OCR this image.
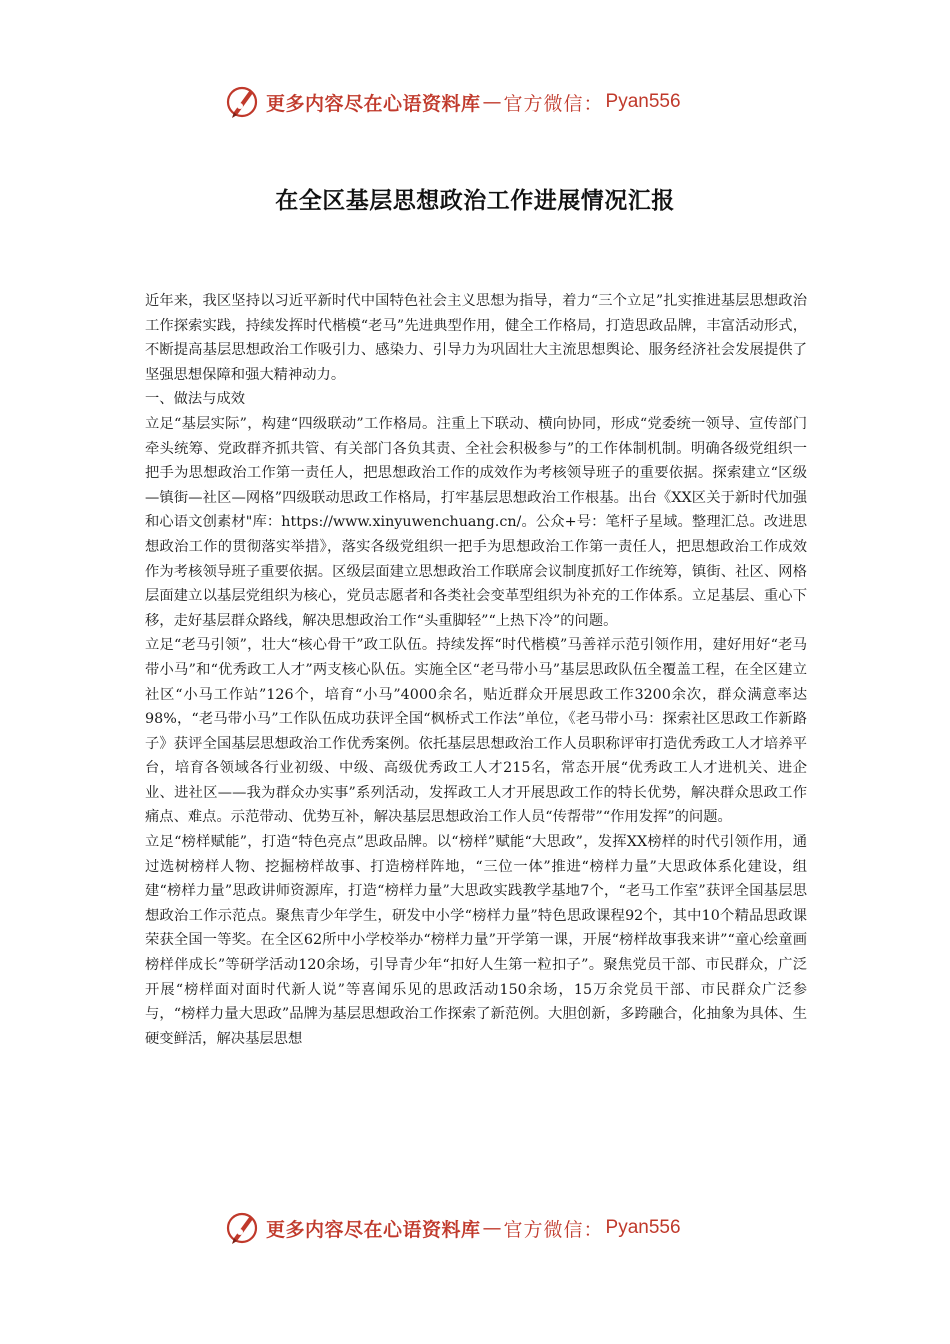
更多内容尽在心语资料库 — 官方微信： Pyan556
在全区基层思想政治工作进展情况汇报

近年来，我区坚持以习近平新时代中国特色社会主义思想为指导，着力“三个立足”扎实推进基层思想政治工作探索实践，持续发挥时代楷模“老马”先进典型作用，健全工作格局，打造思政品牌，丰富活动形式，不断提高基层思想政治工作吸引力、感染力、引导力为巩固壮大主流思想舆论、服务经济社会发展提供了坚强思想保障和强大精神动力。

一、做法与成效

立足“基层实际”，构建“四级联动”工作格局。注重上下联动、横向协同，形成“党委统一领导、宣传部门牵头统筹、党政群齐抓共管、有关部门各负其责、全社会积极参与”的工作体制机制。明确各级党组织一把手为思想政治工作第一责任人，把思想政治工作的成效作为考核领导班子的重要依据。探索建立“区级—镇街—社区—网格”四级联动思政工作格局，打牢基层思想政治工作根基。出台《XX区关于新时代加强和心语文创素材"库：https://www.xinyuwenchuang.cn/。公众+号：笔杆子星域。整理汇总。改进思想政治工作的贯彻落实举措》，落实各级党组织一把手为思想政治工作第一责任人，把思想政治工作成效作为考核领导班子重要依据。区级层面建立思想政治工作联席会议制度抓好工作统筹，镇街、社区、网格层面建立以基层党组织为核心，党员志愿者和各类社会变革型组织为补充的工作体系。立足基层、重心下移，走好基层群众路线，解决思想政治工作“头重脚轻”“上热下冷”的问题。

立足“老马引领”，壮大“核心骨干”政工队伍。持续发挥“时代楷模”马善祥示范引领作用，建好用好“老马带小马”和“优秀政工人才”两支核心队伍。实施全区“老马带小马”基层思政队伍全覆盖工程，在全区建立社区“小马工作站”126个，培育“小马”4000余名，贴近群众开展思政工作3200余次，群众满意率达98%，“老马带小马”工作队伍成功获评全国“枫桥式工作法”单位，《老马带小马：探索社区思政工作新路子》获评全国基层思想政治工作优秀案例。依托基层思想政治工作人员职称评审打造优秀政工人才培养平台，培育各领域各行业初级、中级、高级优秀政工人才215名，常态开展“优秀政工人才进机关、进企业、进社区——我为群众办实事”系列活动，发挥政工人才开展思政工作的特长优势，解决群众思政工作痛点、难点。示范带动、优势互补，解决基层思想政治工作人员“传帮带”“作用发挥”的问题。

立足“榜样赋能”，打造“特色亮点”思政品牌。以“榜样”赋能“大思政”，发挥XX榜样的时代引领作用，通过选树榜样人物、挖掘榜样故事、打造榜样阵地，“三位一体”推进“榜样力量”大思政体系化建设，组建“榜样力量”思政讲师资源库，打造“榜样力量”大思政实践教学基地7个，“老马工作室”获评全国基层思想政治工作示范点。聚焦青少年学生，研发中小学“榜样力量”特色思政课程92个，其中10个精品思政课荣获全国一等奖。在全区62所中小学校举办“榜样力量”开学第一课，开展“榜样故事我来讲”“童心绘童画榜样伴成长”等研学活动120余场，引导青少年“扣好人生第一粒扣子”。聚焦党员干部、市民群众，广泛开展“榜样面对面时代新人说”等喜闻乐见的思政活动150余场，15万余党员干部、市民群众广泛参与，“榜样力量大思政”品牌为基层思想政治工作探索了新范例。大胆创新，多跨融合，化抽象为具体、生硬变鲜活，解决基层思想

更多内容尽在心语资料库 — 官方微信： Pyan556
